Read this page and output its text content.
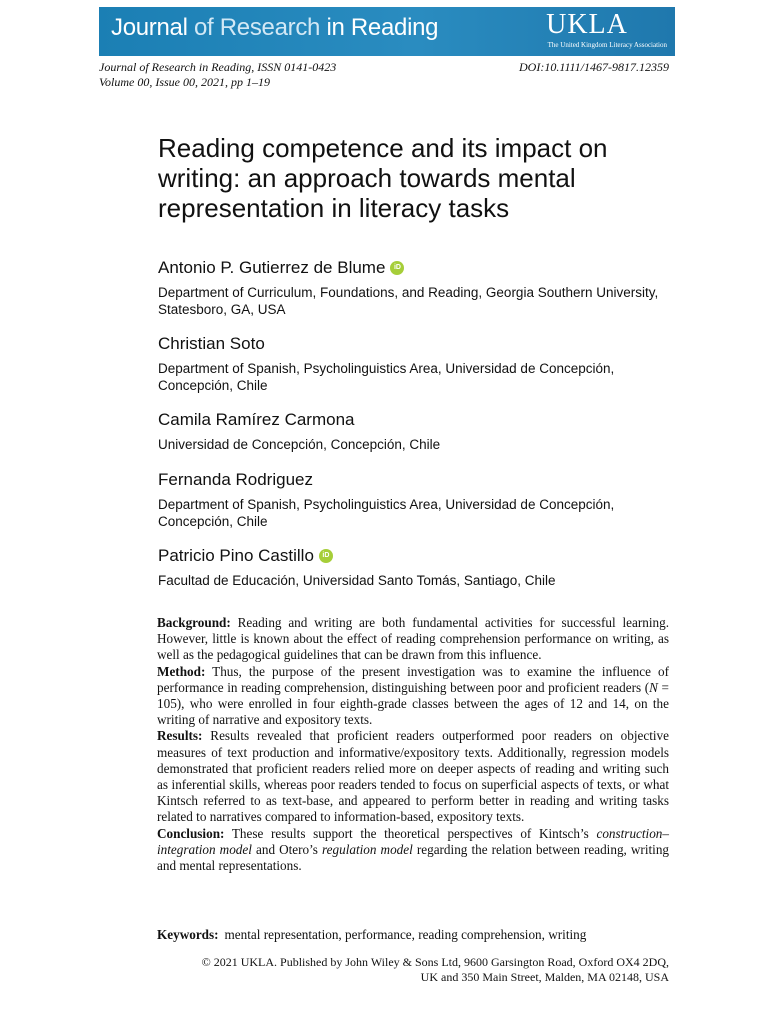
Journal of Research in Reading	UKLA
The United Kingdom Literacy Association
Journal of Research in Reading, ISSN 0141-0423
Volume 00, Issue 00, 2021, pp 1–19
DOI:10.1111/1467-9817.12359
Reading competence and its impact on writing: an approach towards mental representation in literacy tasks
Antonio P. Gutierrez de Blume	iD
Department of Curriculum, Foundations, and Reading, Georgia Southern University, Statesboro, GA, USA
Christian Soto
Department of Spanish, Psycholinguistics Area, Universidad de Concepción, Concepción, Chile
Camila Ramírez Carmona
Universidad de Concepción, Concepción, Chile
Fernanda Rodriguez
Department of Spanish, Psycholinguistics Area, Universidad de Concepción, Concepción, Chile
Patricio Pino Castillo	iD
Facultad de Educación, Universidad Santo Tomás, Santiago, Chile

Background: Reading and writing are both fundamental activities for successful learning. However, little is known about the effect of reading comprehension performance on writing, as well as the pedagogical guidelines that can be drawn from this influence.

Method: Thus, the purpose of the present investigation was to examine the influence of performance in reading comprehension, distinguishing between poor and proficient readers (N = 105), who were enrolled in four eighth-grade classes between the ages of 12 and 14, on the writing of narrative and expository texts.

Results: Results revealed that proficient readers outperformed poor readers on objective measures of text production and informative/expository texts. Additionally, regression models demonstrated that proficient readers relied more on deeper aspects of reading and writing such as inferential skills, whereas poor readers tended to focus on superficial aspects of texts, or what Kintsch referred to as text-base, and appeared to perform better in reading and writing tasks related to narratives compared to information-based, expository texts.

Conclusion: These results support the theoretical perspectives of Kintsch’s construction–integration model and Otero’s regulation model regarding the relation between reading, writing and mental representations.

Keywords: mental representation, performance, reading comprehension, writing
© 2021 UKLA. Published by John Wiley & Sons Ltd, 9600 Garsington Road, Oxford OX4 2DQ,
UK and 350 Main Street, Malden, MA 02148, USA
